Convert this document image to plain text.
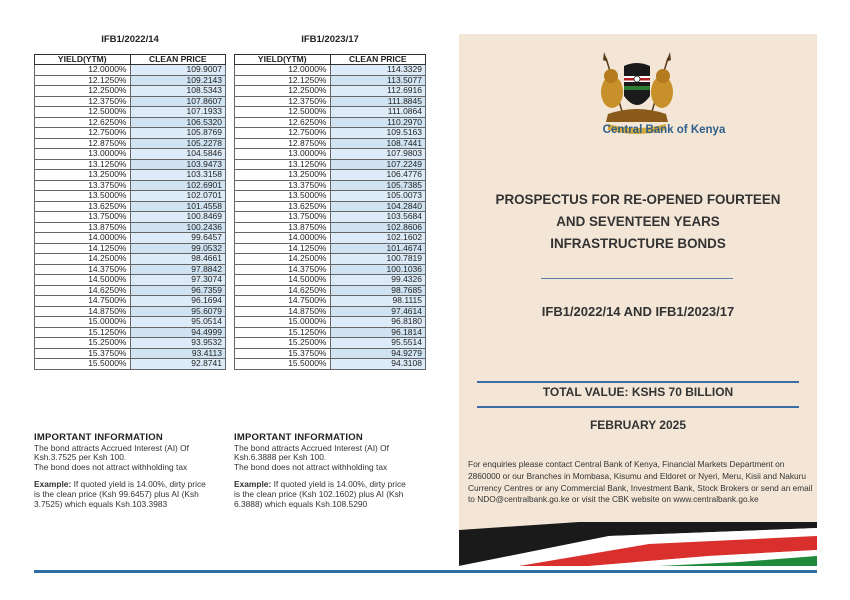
IFB1/2022/14
YIELD(YTM)	CLEAN PRICE
12.0000%	109.9007
12.1250%	109.2143
12.2500%	108.5343
12.3750%	107.8607
12.5000%	107.1933
12.6250%	106.5320
12.7500%	105.8769
12.8750%	105.2278
13.0000%	104.5846
13.1250%	103.9473
13.2500%	103.3158
13.3750%	102.6901
13.5000%	102.0701
13.6250%	101.4558
13.7500%	100.8469
13.8750%	100.2436
14.0000%	99.6457
14.1250%	99.0532
14.2500%	98.4661
14.3750%	97.8842
14.5000%	97.3074
14.6250%	96.7359
14.7500%	96.1694
14.8750%	95.6079
15.0000%	95.0514
15.1250%	94.4999
15.2500%	93.9532
15.3750%	93.4113
15.5000%	92.8741
IFB1/2023/17
YIELD(YTM)	CLEAN PRICE
12.0000%	114.3329
12.1250%	113.5077
12.2500%	112.6916
12.3750%	111.8845
12.5000%	111.0864
12.6250%	110.2970
12.7500%	109.5163
12.8750%	108.7441
13.0000%	107.9803
13.1250%	107.2249
13.2500%	106.4776
13.3750%	105.7385
13.5000%	105.0073
13.6250%	104.2840
13.7500%	103.5684
13.8750%	102.8606
14.0000%	102.1602
14.1250%	101.4674
14.2500%	100.7819
14.3750%	100.1036
14.5000%	99.4326
14.6250%	98.7685
14.7500%	98.1115
14.8750%	97.4614
15.0000%	96.8180
15.1250%	96.1814
15.2500%	95.5514
15.3750%	94.9279
15.5000%	94.3108
IMPORTANT INFORMATION

The bond attracts Accrued Interest (AI) Of Ksh.3.7525 per Ksh 100.

The bond does not attract withholding tax

Example: If quoted yield is 14.00%, dirty price is the clean price (Ksh 99.6457) plus AI (Ksh 3.7525) which equals Ksh.103.3983

IMPORTANT INFORMATION

The bond attracts Accrued Interest (AI) Of Ksh.6.3888 per Ksh 100.

The bond does not attract withholding tax

Example: If quoted yield is 14.00%, dirty price is the clean price (Ksh 102.1602) plus AI (Ksh 6.3888) which equals Ksh.108.5290

Central Bank of Kenya
PROSPECTUS FOR RE-OPENED FOURTEEN
AND SEVENTEEN YEARS
INFRASTRUCTURE BONDS
IFB1/2022/14 AND IFB1/2023/17
TOTAL VALUE: KSHS 70 BILLION
FEBRUARY 2025
For enquiries please contact Central Bank of Kenya, Financial Markets Department on 2860000 or our Branches in Mombasa, Kisumu and Eldoret or Nyeri, Meru, Kisii and Nakuru Currency Centres or any Commercial Bank, Investment Bank, Stock Brokers or send an email to NDO@centralbank.go.ke or visit the CBK website on www.centralbank.go.ke
